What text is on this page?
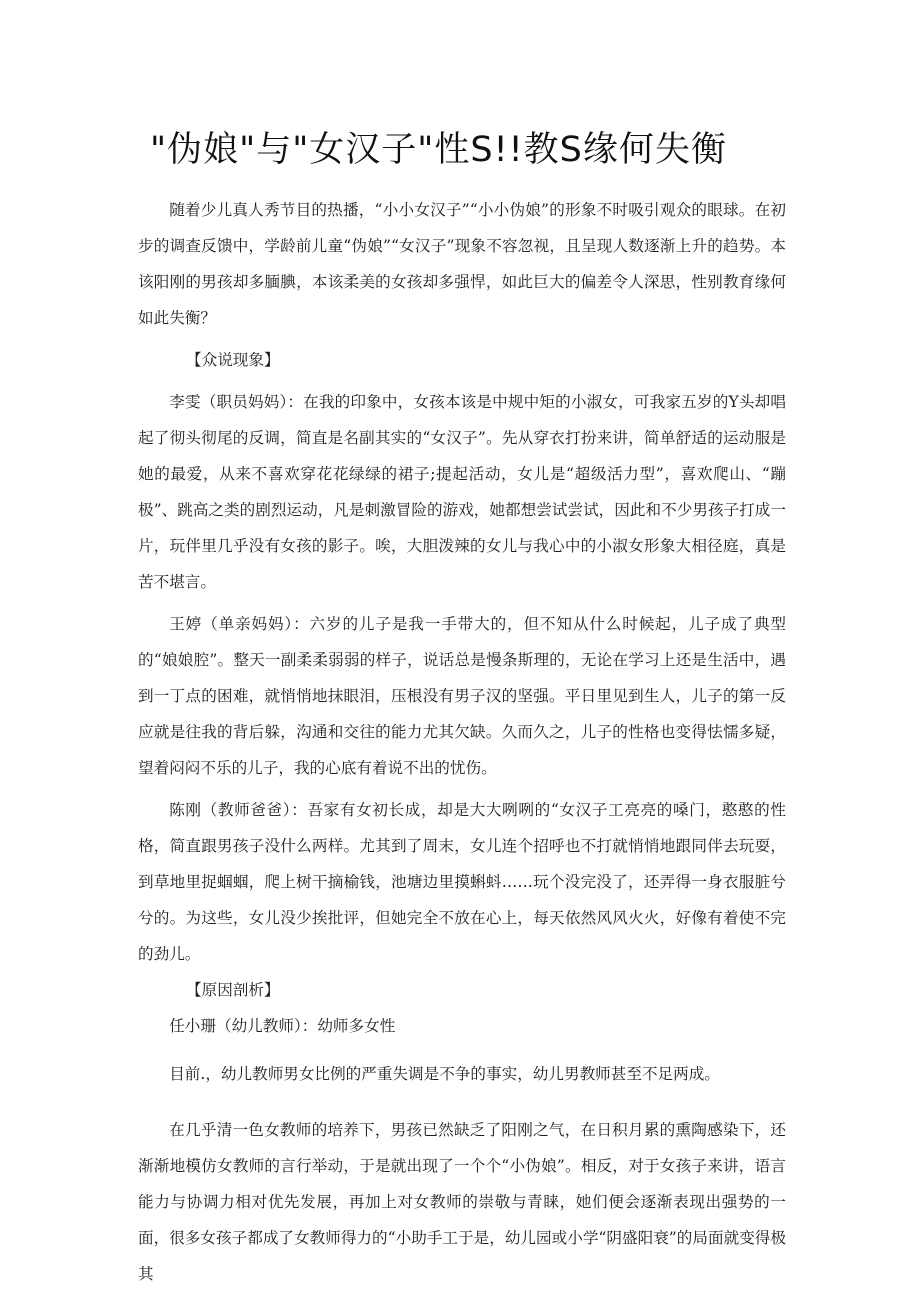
"伪娘"与"女汉子"性S!!教S缘何失衡

随着少儿真人秀节目的热播，“小小女汉子”“小小伪娘”的形象不时吸引观众的眼球。在初步的调查反馈中，学龄前儿童“伪娘”“女汉子”现象不容忽视，且呈现人数逐渐上升的趋势。本该阳刚的男孩却多腼腆，本该柔美的女孩却多强悍，如此巨大的偏差令人深思，性别教育缘何如此失衡？

【众说现象】

李雯（职员妈妈）：在我的印象中，女孩本该是中规中矩的小淑女，可我家五岁的Y头却唱起了彻头彻尾的反调，简直是名副其实的“女汉子”。先从穿衣打扮来讲，简单舒适的运动服是她的最爱，从来不喜欢穿花花绿绿的裙子;提起活动，女儿是“超级活力型”，喜欢爬山、“蹦极”、跳高之类的剧烈运动，凡是刺激冒险的游戏，她都想尝试尝试，因此和不少男孩子打成一片，玩伴里几乎没有女孩的影子。唉，大胆泼辣的女儿与我心中的小淑女形象大相径庭，真是苦不堪言。

王婷（单亲妈妈）：六岁的儿子是我一手带大的，但不知从什么时候起，儿子成了典型的“娘娘腔”。整天一副柔柔弱弱的样子，说话总是慢条斯理的，无论在学习上还是生活中，遇到一丁点的困难，就悄悄地抹眼泪，压根没有男子汉的坚强。平日里见到生人，儿子的第一反应就是往我的背后躲，沟通和交往的能力尤其欠缺。久而久之，儿子的性格也变得怯懦多疑，望着闷闷不乐的儿子，我的心底有着说不出的忧伤。

陈刚（教师爸爸）：吾家有女初长成，却是大大咧咧的“女汉子工亮亮的嗓门，憨憨的性格，简直跟男孩子没什么两样。尤其到了周末，女儿连个招呼也不打就悄悄地跟同伴去玩耍，到草地里捉蝈蝈，爬上树干摘榆钱，池塘边里摸蝌蚪……玩个没完没了，还弄得一身衣服脏兮兮的。为这些，女儿没少挨批评，但她完全不放在心上，每天依然风风火火，好像有着使不完的劲儿。

【原因剖析】

任小珊（幼儿教师）：幼师多女性

目前.，幼儿教师男女比例的严重失调是不争的事实，幼儿男教师甚至不足两成。

在几乎清一色女教师的培养下，男孩已然缺乏了阳刚之气，在日积月累的熏陶感染下，还渐渐地模仿女教师的言行举动，于是就出现了一个个“小伪娘”。相反，对于女孩子来讲，语言能力与协调力相对优先发展，再加上对女教师的崇敬与青睐，她们便会逐渐表现出强势的一面，很多女孩子都成了女教师得力的“小助手工于是，幼儿园或小学“阴盛阳衰”的局面就变得极其
